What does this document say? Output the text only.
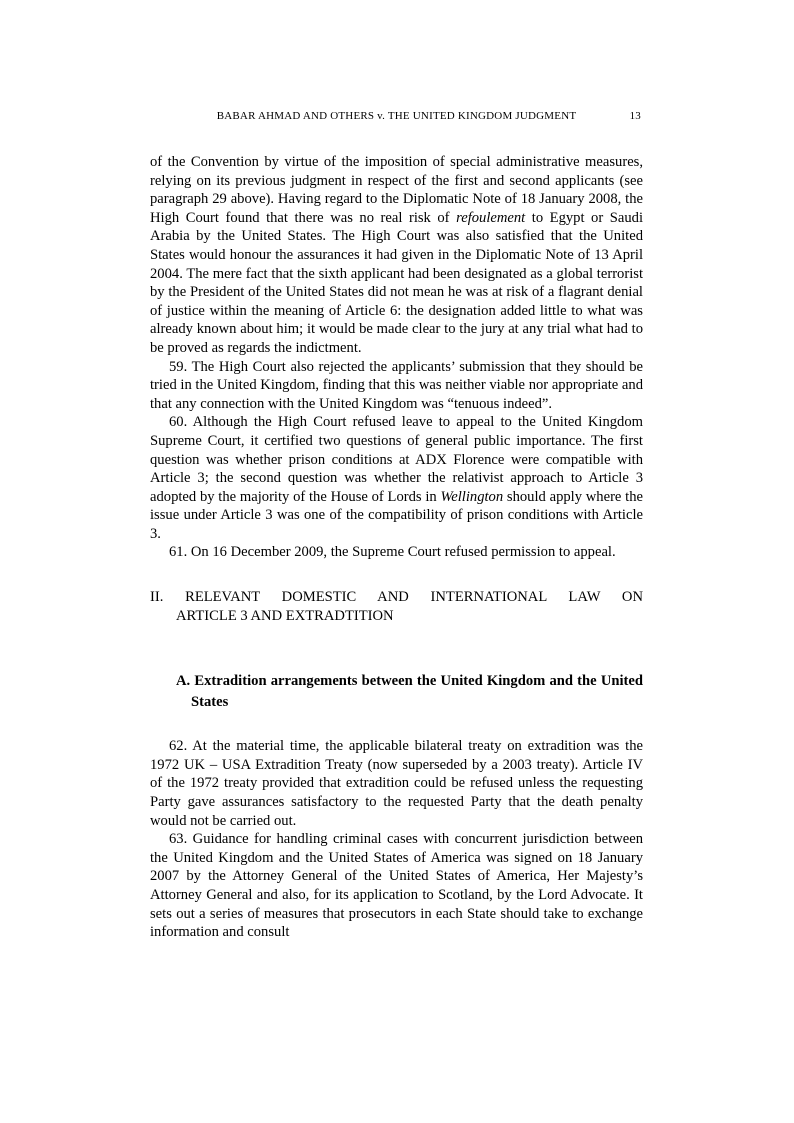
BABAR AHMAD AND OTHERS v. THE UNITED KINGDOM JUDGMENT	13

of the Convention by virtue of the imposition of special administrative measures, relying on its previous judgment in respect of the first and second applicants (see paragraph 29 above). Having regard to the Diplomatic Note of 18 January 2008, the High Court found that there was no real risk of refoulement to Egypt or Saudi Arabia by the United States. The High Court was also satisfied that the United States would honour the assurances it had given in the Diplomatic Note of 13 April 2004. The mere fact that the sixth applicant had been designated as a global terrorist by the President of the United States did not mean he was at risk of a flagrant denial of justice within the meaning of Article 6: the designation added little to what was already known about him; it would be made clear to the jury at any trial what had to be proved as regards the indictment.

59. The High Court also rejected the applicants’ submission that they should be tried in the United Kingdom, finding that this was neither viable nor appropriate and that any connection with the United Kingdom was “tenuous indeed”.

60. Although the High Court refused leave to appeal to the United Kingdom Supreme Court, it certified two questions of general public importance. The first question was whether prison conditions at ADX Florence were compatible with Article 3; the second question was whether the relativist approach to Article 3 adopted by the majority of the House of Lords in Wellington should apply where the issue under Article 3 was one of the compatibility of prison conditions with Article 3.

61. On 16 December 2009, the Supreme Court refused permission to appeal.

II. RELEVANT DOMESTIC AND INTERNATIONAL LAW ON
ARTICLE 3 AND EXTRADTITION
A. Extradition arrangements between the United Kingdom and the United States

62. At the material time, the applicable bilateral treaty on extradition was the 1972 UK – USA Extradition Treaty (now superseded by a 2003 treaty). Article IV of the 1972 treaty provided that extradition could be refused unless the requesting Party gave assurances satisfactory to the requested Party that the death penalty would not be carried out.

63. Guidance for handling criminal cases with concurrent jurisdiction between the United Kingdom and the United States of America was signed on 18 January 2007 by the Attorney General of the United States of America, Her Majesty’s Attorney General and also, for its application to Scotland, by the Lord Advocate. It sets out a series of measures that prosecutors in each State should take to exchange information and consult
